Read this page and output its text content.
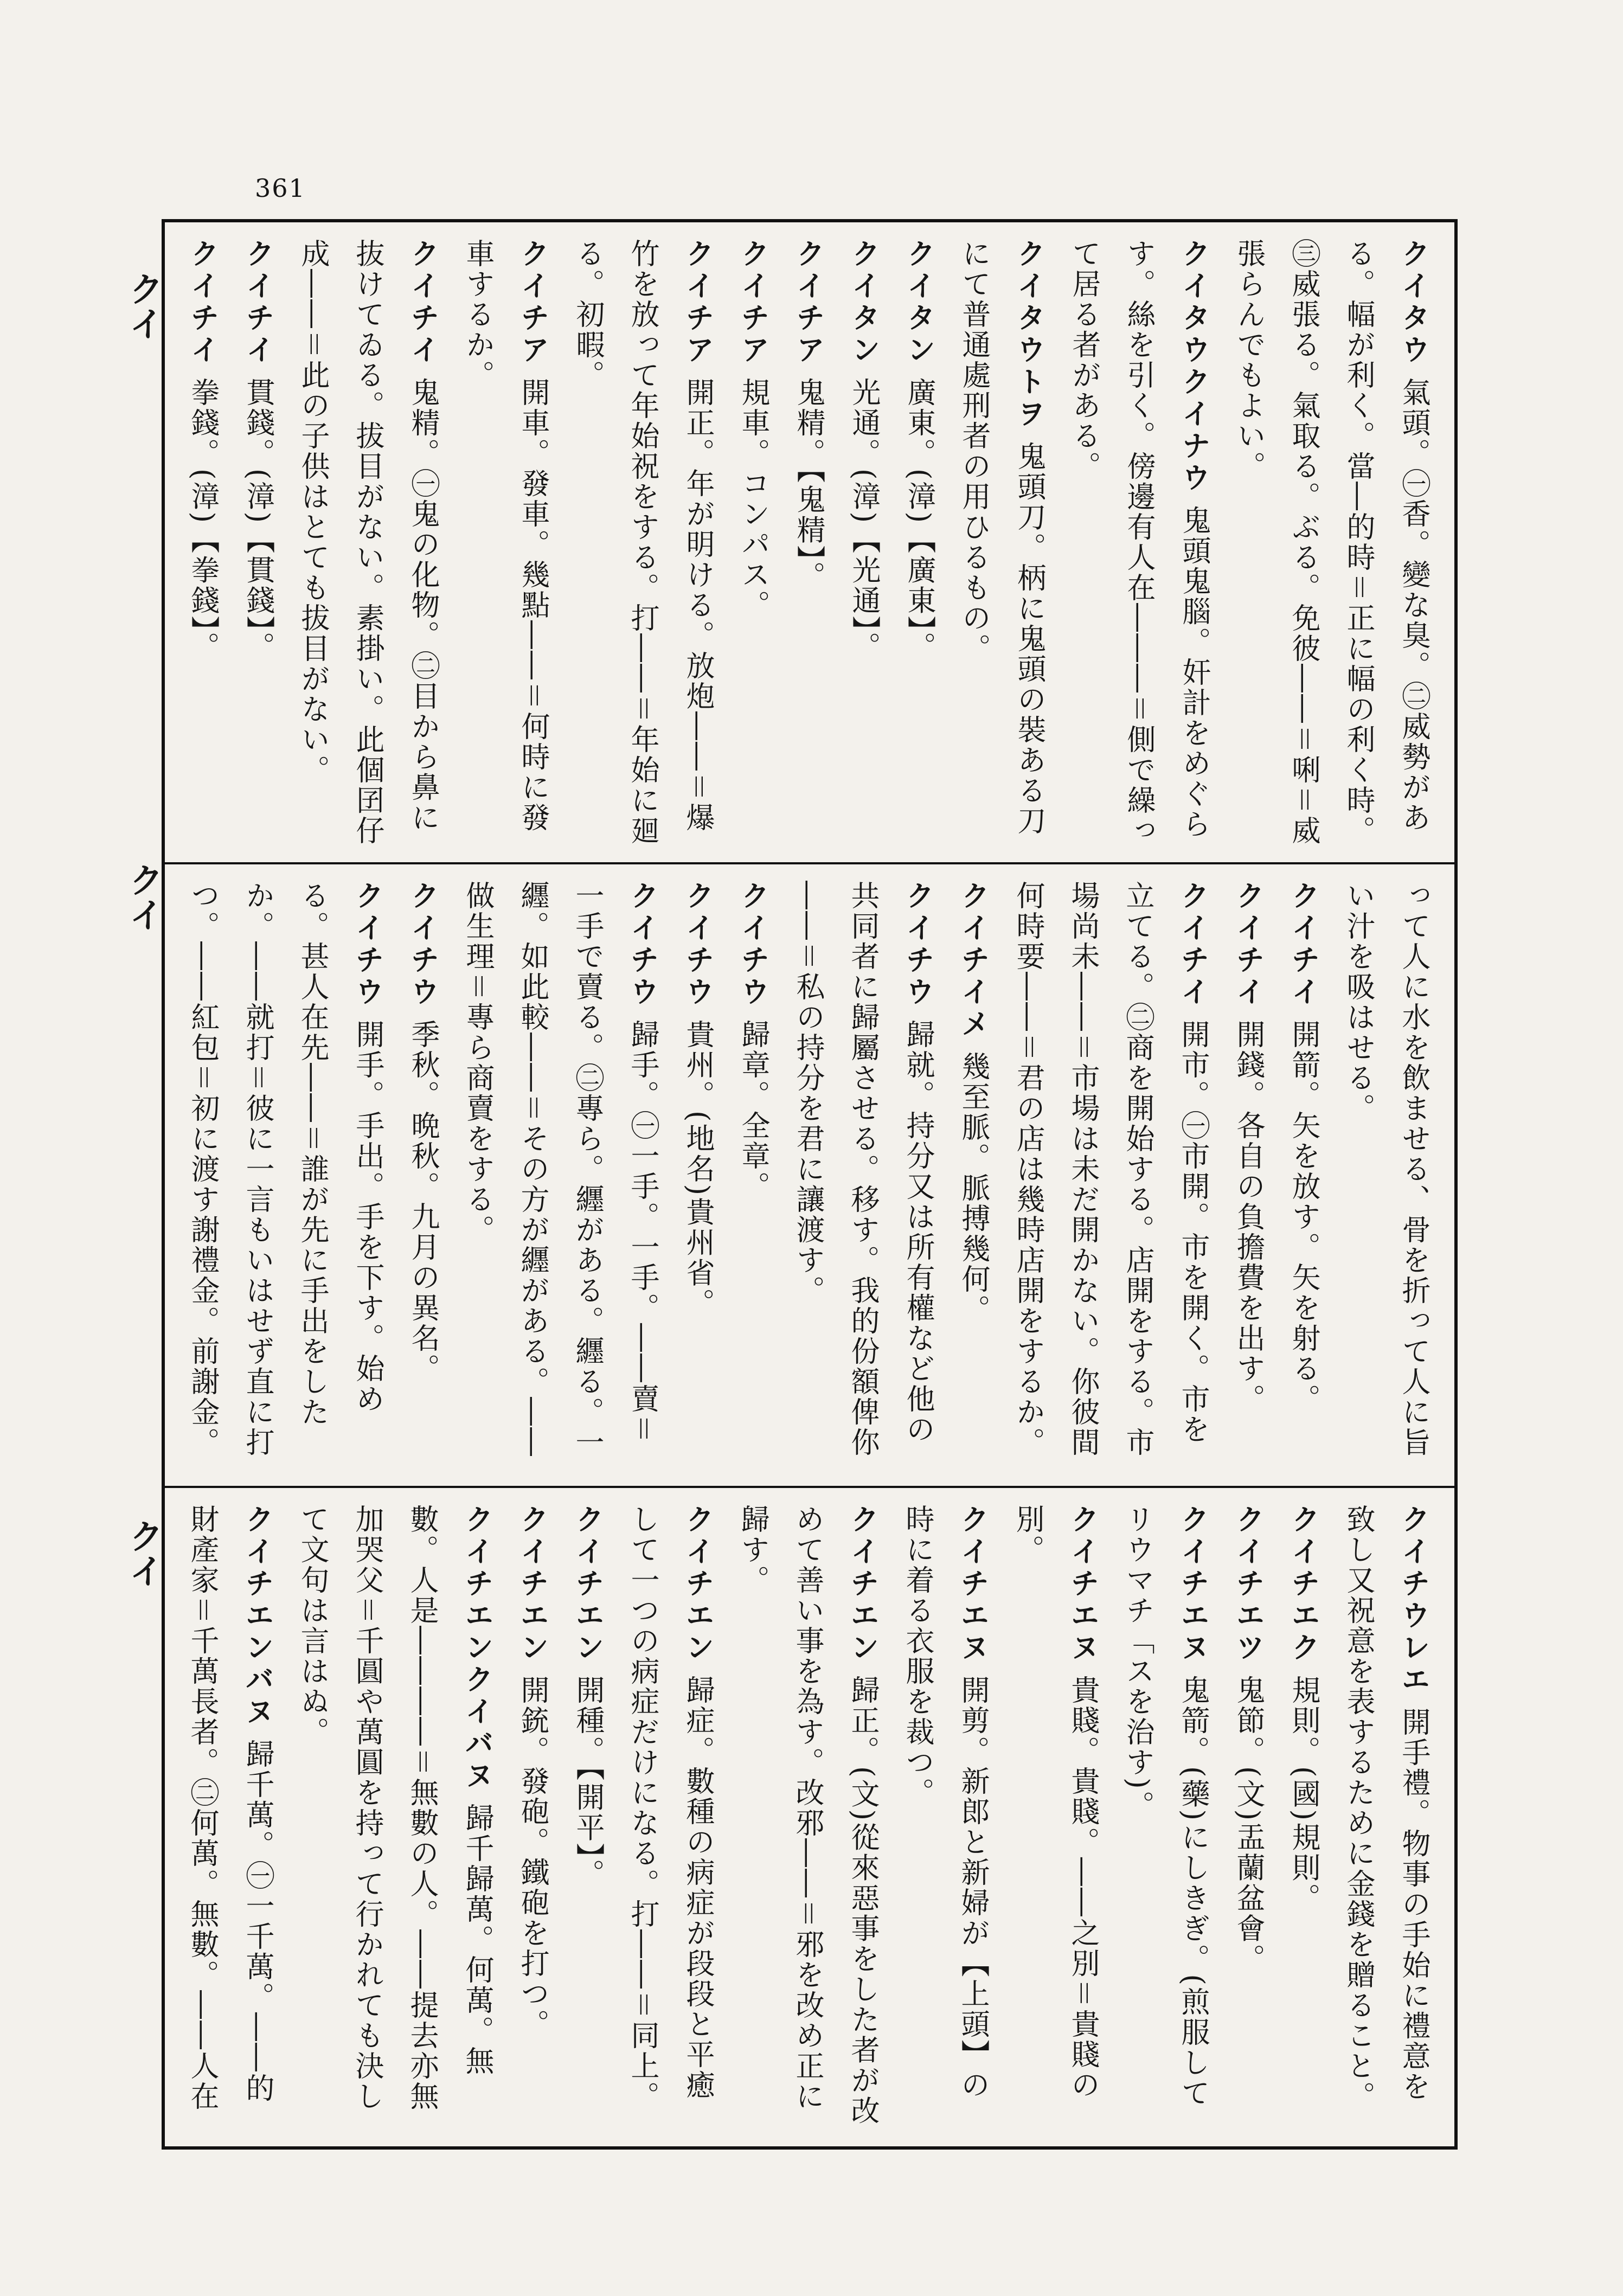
361
クイ
クイ
クイ

クイタウ 氣頭。㊀香。變な臭。㊁威勢がある。幅が利く。當―的時＝正に幅の利く時。㊂威張る。氣取る。ぶる。免彼――＝唎＝威張らんでもよい。

クイタウクイナウ 鬼頭鬼腦。奸計をめぐらす。絲を引く。傍邊有人在―――＝側で繰って居る者がある。

クイタウトヲ 鬼頭刀。柄に鬼頭の裝ある刀にて普通處刑者の用ひるもの。

クイタン 廣東。(漳)【廣東】。

クイタン 光通。(漳)【光通】。

クイチア 鬼精。【鬼精】。

クイチア 規車。コンパス。

クイチア 開正。年が明ける。放炮――＝爆竹を放って年始祝をする。打――＝年始に廻る。初暇。

クイチア 開車。發車。幾點――＝何時に發車するか。

クイチイ 鬼精。㊀鬼の化物。㊁目から鼻に抜けてゐる。拔目がない。素掛い。此個囝仔成――＝此の子供はとても拔目がない。

クイチイ 貫錢。(漳)【貫錢】。

クイチイ 拳錢。(漳)【拳錢】。

って人に水を飲ませる、骨を折って人に旨い汁を吸はせる。

クイチイ 開箭。矢を放す。矢を射る。

クイチイ 開錢。各自の負擔費を出す。

クイチイ 開市。㊀市開。市を開く。市を立てる。㊁商を開始する。店開をする。市場尚未――＝市場は未だ開かない。你彼間何時要――＝君の店は幾時店開をするか。

クイチイメ 幾至脈。脈搏幾何。

クイチウ 歸就。持分又は所有權など他の共同者に歸屬させる。移す。我的份額俾你――＝私の持分を君に讓渡す。

クイチウ 歸章。全章。

クイチウ 貴州。(地名)貴州省。

クイチウ 歸手。㊀一手。一手。――賣＝一手で賣る。㊁專ら。纒がある。纒る。一纒。如此較――＝その方が纒がある。――做生理＝專ら商賣をする。

クイチウ 季秋。晩秋。九月の異名。

クイチウ 開手。手出。手を下す。始める。甚人在先――＝誰が先に手出をしたか。――就打＝彼に一言もいはせず直に打つ。――紅包＝初に渡す謝禮金。前謝金。

クイチウレエ 開手禮。物事の手始に禮意を致し又祝意を表するために金錢を贈ること。

クイチエク 規則。(國)規則。

クイチエツ 鬼節。(文)盂蘭盆會。

クイチエヌ 鬼箭。(藥)にしきぎ。(煎服してリウマチ「スを治す)。

クイチエヌ 貴賤。貴賤。――之別＝貴賤の別。

クイチエヌ 開剪。新郎と新婦が【上頭】の時に着る衣服を裁つ。

クイチエン 歸正。(文)從來惡事をした者が改めて善い事を為す。改邪――＝邪を改め正に歸す。

クイチエン 歸症。數種の病症が段段と平癒して一つの病症だけになる。打――＝同上。

クイチエン 開種。【開平】。

クイチエン 開銃。發砲。鐵砲を打つ。

クイチエンクイバヌ 歸千歸萬。何萬。無數。人是――――＝無數の人。――提去亦無加哭父＝千圓や萬圓を持って行かれても決して文句は言はぬ。

クイチエンバヌ 歸千萬。㊀一千萬。――的財產家＝千萬長者。㊁何萬。無數。――人在
